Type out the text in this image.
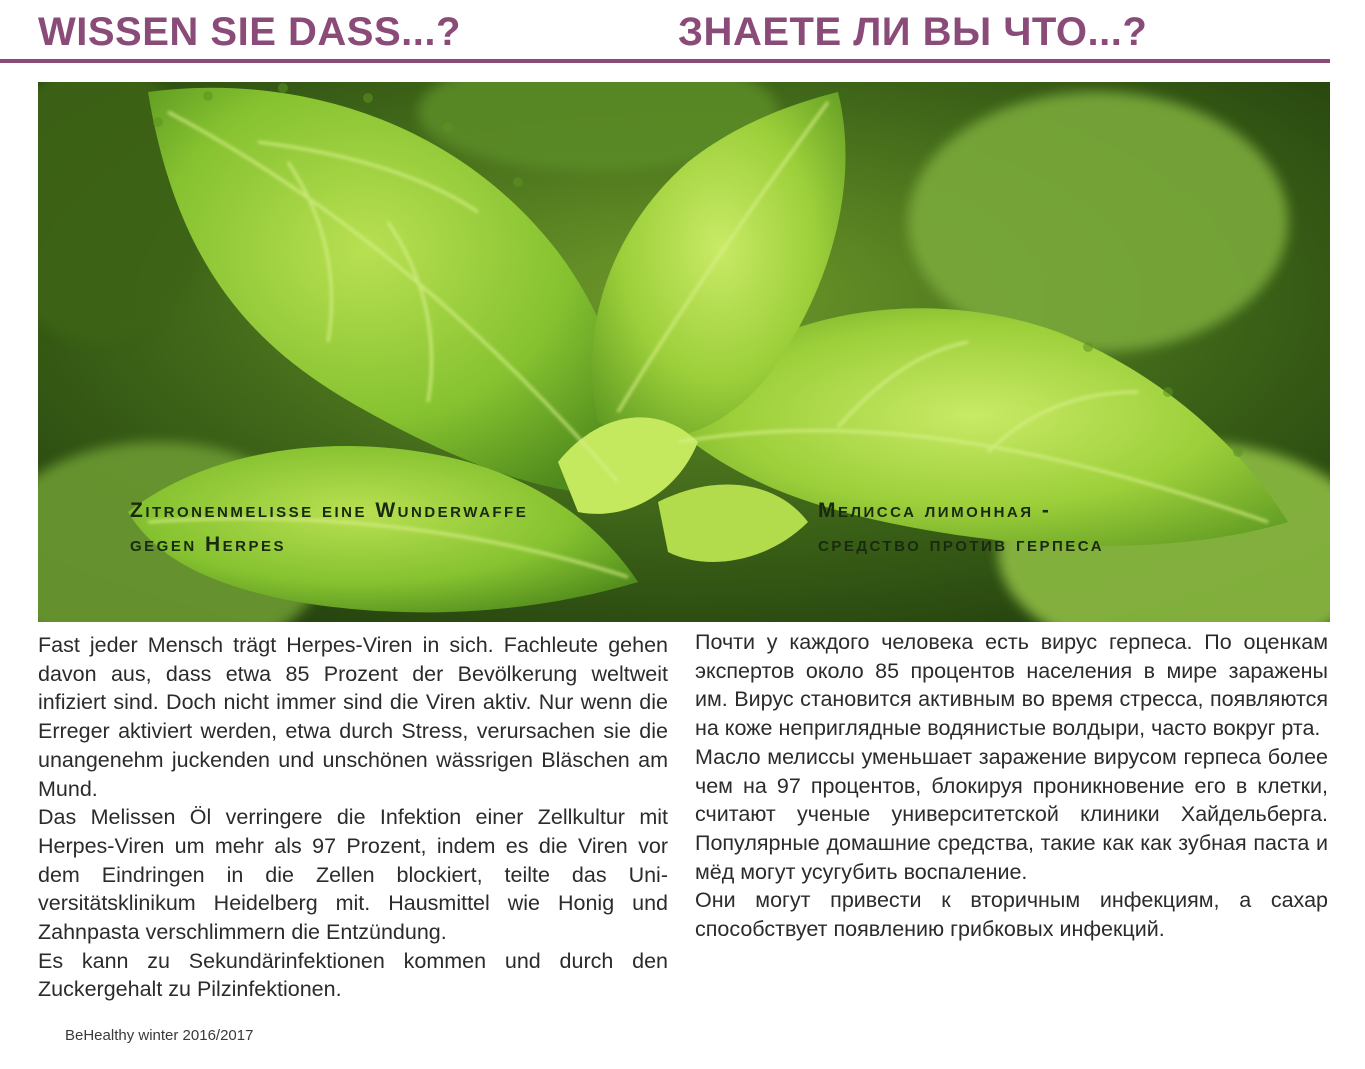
WISSEN SIE DASS...?	ЗНАЕТЕ ЛИ ВЫ ЧТО...?
Zitronenmelisse eine Wunderwaffe
gegen Herpes
Мелисса лимонная -
средство против герпеса

Fast jeder Mensch trägt Herpes-Viren in sich. Fachleute gehen davon aus, dass etwa 85 Prozent der Bevölkerung weltweit infiziert sind. Doch nicht immer sind die Viren aktiv. Nur wenn die Erreger aktiviert werden, etwa durch Stress, verursachen sie die unangenehm juckenden und unschönen wässrigen Bläschen am Mund.

Das Melissen Öl verringere die Infektion einer Zellkultur mit Herpes-Viren um mehr als 97 Prozent, indem es die Viren vor dem Eindringen in die Zellen blockiert, teilte das Universitätsklinikum Heidelberg mit. Hausmittel wie Honig und Zahnpasta verschlimmern die Entzündung.

Es kann zu Sekundärinfektionen kommen und durch den Zuckergehalt zu Pilzinfektionen.

Почти у каждого человека есть вирус герпеса. По оценкам экспертов около 85 процентов населения в мире заражены им. Вирус становится активным во время стресса, появляются на коже неприглядные водянистые волдыри, часто вокруг рта.

Масло мелиссы уменьшает заражение вирусом герпеса более чем на 97 процентов, блокируя проникновение его в клетки, считают ученые университетской клиники Хайдельберга. Популярные домашние средства, такие как как зубная паста и мёд могут усугубить воспаление.

Они могут привести к вторичным инфекциям, а сахар способствует появлению грибковых инфекций.

BeHealthy winter 2016/2017
